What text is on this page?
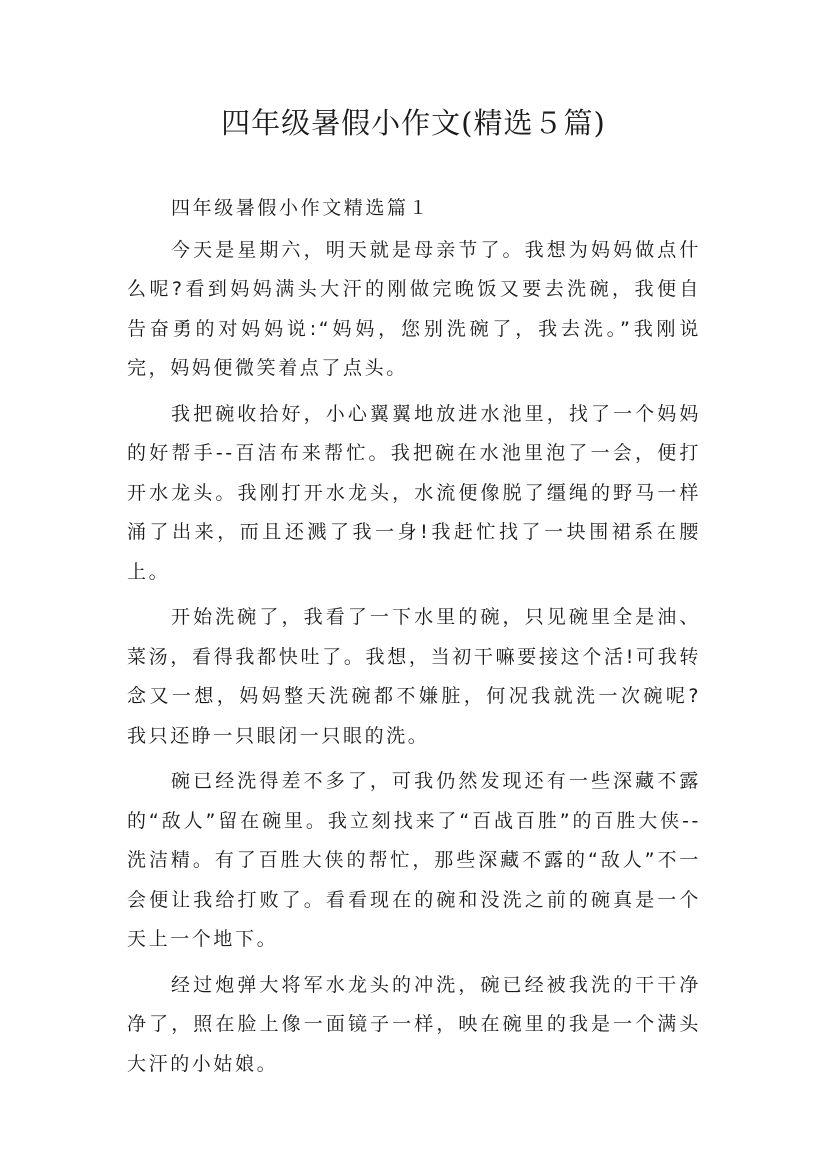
四年级暑假小作文(精选５篇)

四年级暑假小作文精选篇１

今天是星期六，明天就是母亲节了。我想为妈妈做点什么呢?看到妈妈满头大汗的刚做完晚饭又要去洗碗，我便自告奋勇的对妈妈说:“妈妈，您别洗碗了，我去洗。”我刚说完，妈妈便微笑着点了点头。

我把碗收拾好，小心翼翼地放进水池里，找了一个妈妈的好帮手--百洁布来帮忙。我把碗在水池里泡了一会，便打开水龙头。我刚打开水龙头，水流便像脱了缰绳的野马一样涌了出来，而且还溅了我一身!我赶忙找了一块围裙系在腰上。

开始洗碗了，我看了一下水里的碗，只见碗里全是油、菜汤，看得我都快吐了。我想，当初干嘛要接这个活!可我转念又一想，妈妈整天洗碗都不嫌脏，何况我就洗一次碗呢?我只还睁一只眼闭一只眼的洗。

碗已经洗得差不多了，可我仍然发现还有一些深藏不露的“敌人”留在碗里。我立刻找来了“百战百胜”的百胜大侠--洗洁精。有了百胜大侠的帮忙，那些深藏不露的“敌人”不一会便让我给打败了。看看现在的碗和没洗之前的碗真是一个天上一个地下。

经过炮弹大将军水龙头的冲洗，碗已经被我洗的干干净净了，照在脸上像一面镜子一样，映在碗里的我是一个满头大汗的小姑娘。
